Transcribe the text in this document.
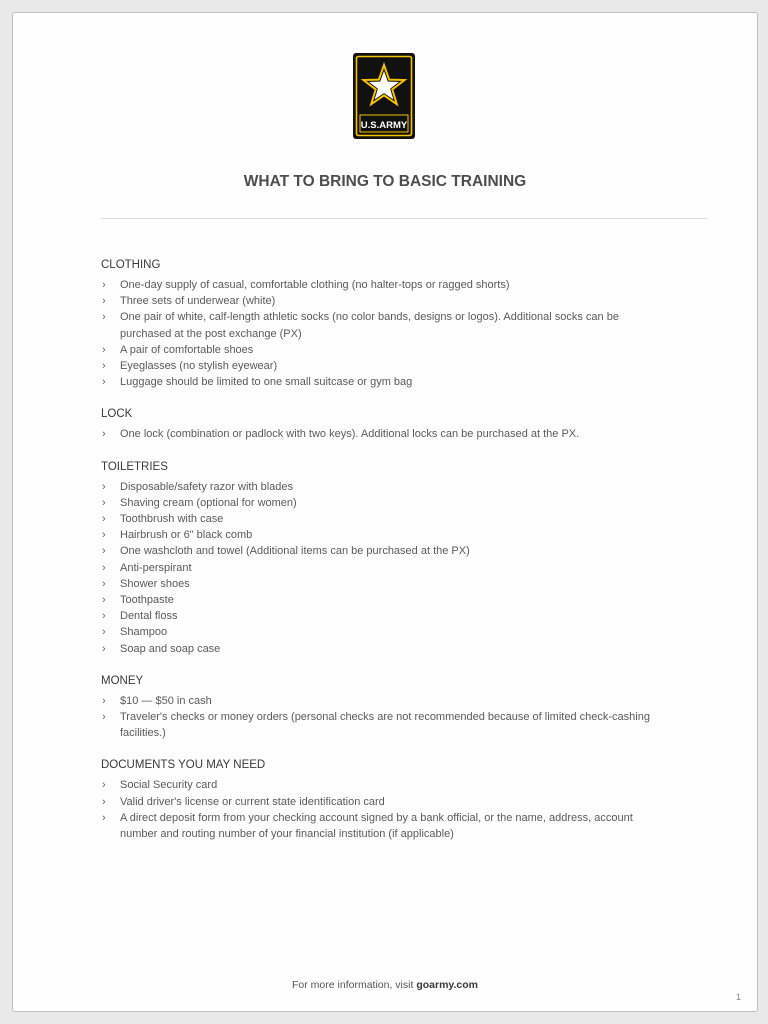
U.S.ARMY
WHAT TO BRING TO BASIC TRAINING
CLOTHING
› One-day supply of casual, comfortable clothing (no halter-tops or ragged shorts)
› Three sets of underwear (white)
› One pair of white, calf-length athletic socks (no color bands, designs or logos). Additional socks can be purchased at the post exchange (PX)
› A pair of comfortable shoes
› Eyeglasses (no stylish eyewear)
› Luggage should be limited to one small suitcase or gym bag
LOCK
› One lock (combination or padlock with two keys). Additional locks can be purchased at the PX.
TOILETRIES
› Disposable/safety razor with blades
› Shaving cream (optional for women)
› Toothbrush with case
› Hairbrush or 6" black comb
› One washcloth and towel (Additional items can be purchased at the PX)
› Anti-perspirant
› Shower shoes
› Toothpaste
› Dental floss
› Shampoo
› Soap and soap case
MONEY
› $10 — $50 in cash
› Traveler's checks or money orders (personal checks are not recommended because of limited check-cashing facilities.)
DOCUMENTS YOU MAY NEED
› Social Security card
› Valid driver's license or current state identification card
› A direct deposit form from your checking account signed by a bank official, or the name, address, account number and routing number of your financial institution (if applicable)
For more information, visit goarmy.com
1
